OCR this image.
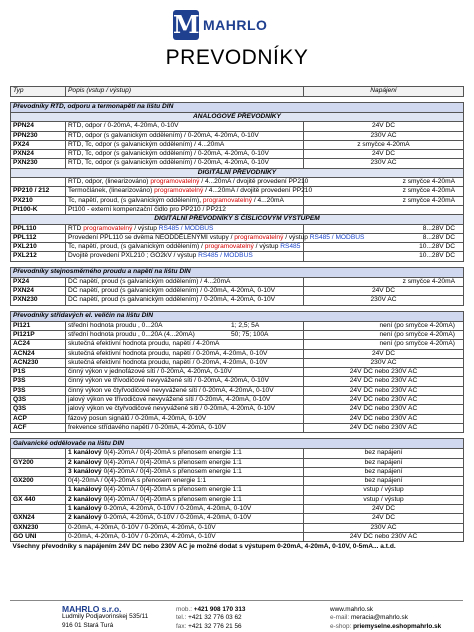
M MAHRLO
PREVODNÍKY
Typ	Popis (vstup / výstup)	Napájení

Převodníky RTD, odporu a termonapětí na lištu DIN		
ANALOGOVÉ PŘEVODNÍKY		
PPN24	RTD, odpor / 0-20mA, 4-20mA, 0-10V	24V DC
PPN230	RTD, odpor (s galvanickým oddělením) / 0-20mA, 4-20mA, 0-10V	230V AC
PX24	RTD, Tc, odpor (s galvanickým oddělením) / 4...20mA	z smyčce 4-20mA
PXN24	RTD, Tc, odpor (s galvanickým oddělením) / 0-20mA, 4-20mA, 0-10V	24V DC
PXN230	RTD, Tc, odpor (s galvanickým oddělením) / 0-20mA, 4-20mA, 0-10V	230V AC
DIGITÁLNÍ PŘEVODNÍKY		
	RTD, odpor, (linearizováno) programovatelný / 4...20mA / dvojitě provedení PP210	z smyčce 4-20mA
PP210 / 212	Termočlánek, (linearizováno) programovatelný / 4...20mA / dvojitě provedení PP210	z smyčce 4-20mA
PX210	Tc, napětí, proud, (s galvanickým oddělením), programovatelný / 4...20mA	z smyčce 4-20mA
Pt100-K	Pt100 - externí kompenzační čidlo pro PP210 / PP212	
DIGITÁLNÍ PŘEVODNÍKY S ČÍSLICOVÝM VÝSTUPEM		
PPL110	RTD programovatelný / výstup RS485 / MODBUS	8...28V DC
PPL112	Provedení PPL110 se dvěma NEODDĚLENÝMI vstupy / programovatelný / výstup RS485 / MODBUS	8...28V DC
PXL210	Tc, napětí, proud, (s galvanickým oddělením) / programovatelný / výstup RS485	10...28V DC
PXL212	Dvojitě provedení PXL210 ; GO2kV / výstup RS485 / MODBUS	10...28V DC

Převodníky stejnosměrného proudu a napětí na lištu DIN		
PX24	DC napětí, proud (s galvanickým oddělením) / 4...20mA	z smyčce 4-20mA
PXN24	DC napětí, proud (s galvanickým oddělením) / 0-20mA, 4-20mA, 0-10V	24V DC
PXN230	DC napětí, proud (s galvanickým oddělením) / 0-20mA, 4-20mA, 0-10V	230V AC

Převodníky střídavých el. veličin na lištu DIN		
PI121	střední hodnota proudu , 0...20A 1; 2,5; 5A	není (po smyčce 4-20mA)
PI121P	střední hodnota proudu , 0...20A (4...20mA) 50; 75; 100A	není (po smyčce 4-20mA)
AC24	skutečná efektivní hodnota proudu, napětí / 4-20mA	není (po smyčce 4-20mA)
ACN24	skutečná efektivní hodnota proudu, napětí / 0-20mA, 4-20mA, 0-10V	24V DC
ACN230	skutečná efektivní hodnota proudu, napětí / 0-20mA, 4-20mA, 0-10V	230V AC
P1S	činný výkon v jednofázové síti / 0-20mA, 4-20mA, 0-10V	24V DC nebo 230V AC
P3S	činný výkon ve třívodičové nevyvážené síti / 0-20mA, 4-20mA, 0-10V	24V DC nebo 230V AC
P3S	činný výkon ve čtyřvodičové nevyvážené síti / 0-20mA, 4-20mA, 0-10V	24V DC nebo 230V AC
Q3S	jalový výkon ve třívodičové nevyvážené síti / 0-20mA, 4-20mA, 0-10V	24V DC nebo 230V AC
Q3S	jalový výkon ve čtyřvodičové nevyvážené síti / 0-20mA, 4-20mA, 0-10V	24V DC nebo 230V AC
ACP	fázový posun signálů / 0-20mA, 4-20mA, 0-10V	24V DC nebo 230V AC
ACF	frekvence střídavého napětí / 0-20mA, 4-20mA, 0-10V	24V DC nebo 230V AC

Galvanické oddělovače na lištu DIN		
	1 kanálový 0(4)-20mA / 0(4)-20mA s přenosem energie 1:1	bez napájení
GY200	2 kanálový 0(4)-20mA / 0(4)-20mA s přenosem energie 1:1	bez napájení
	3 kanálový 0(4)-20mA / 0(4)-20mA s přenosem energie 1:1	bez napájení
GX200	0(4)-20mA / 0(4)-20mA s přenosem energie 1:1	bez napájení
	1 kanálový 0(4)-20mA / 0(4)-20mA s přenosem energie 1:1	vstup / výstup
GX 440	2 kanálový 0(4)-20mA / 0(4)-20mA s přenosem energie 1:1	vstup / výstup
	1 kanálový 0-20mA, 4-20mA, 0-10V / 0-20mA, 4-20mA, 0-10V	24V DC
GXN24	2 kanálový 0-20mA, 4-20mA, 0-10V / 0-20mA, 4-20mA, 0-10V	24V DC
GXN230	0-20mA, 4-20mA, 0-10V / 0-20mA, 4-20mA, 0-10V	230V AC
GO UNI	0-20mA, 4-20mA, 0-10V / 0-20mA, 4-20mA, 0-10V	24V DC nebo 230V AC
Všechny převodníky s napájením 24V DC nebo 230V AC je možné dodat s výstupem 0-20mA, 4-20mA, 0-10V, 0-5mA... a.t.d.		
MAHRLO s.r.o.
Ludmily Podjavorinskej 535/11
916 01 Stará Turá
mob.: +421 908 170 313
tel.: +421 32 776 03 62
fax: +421 32 776 21 56
www.mahrlo.sk
e-mail: meracia@mahrlo.sk
e-shop: priemyselne.eshopmahrlo.sk
